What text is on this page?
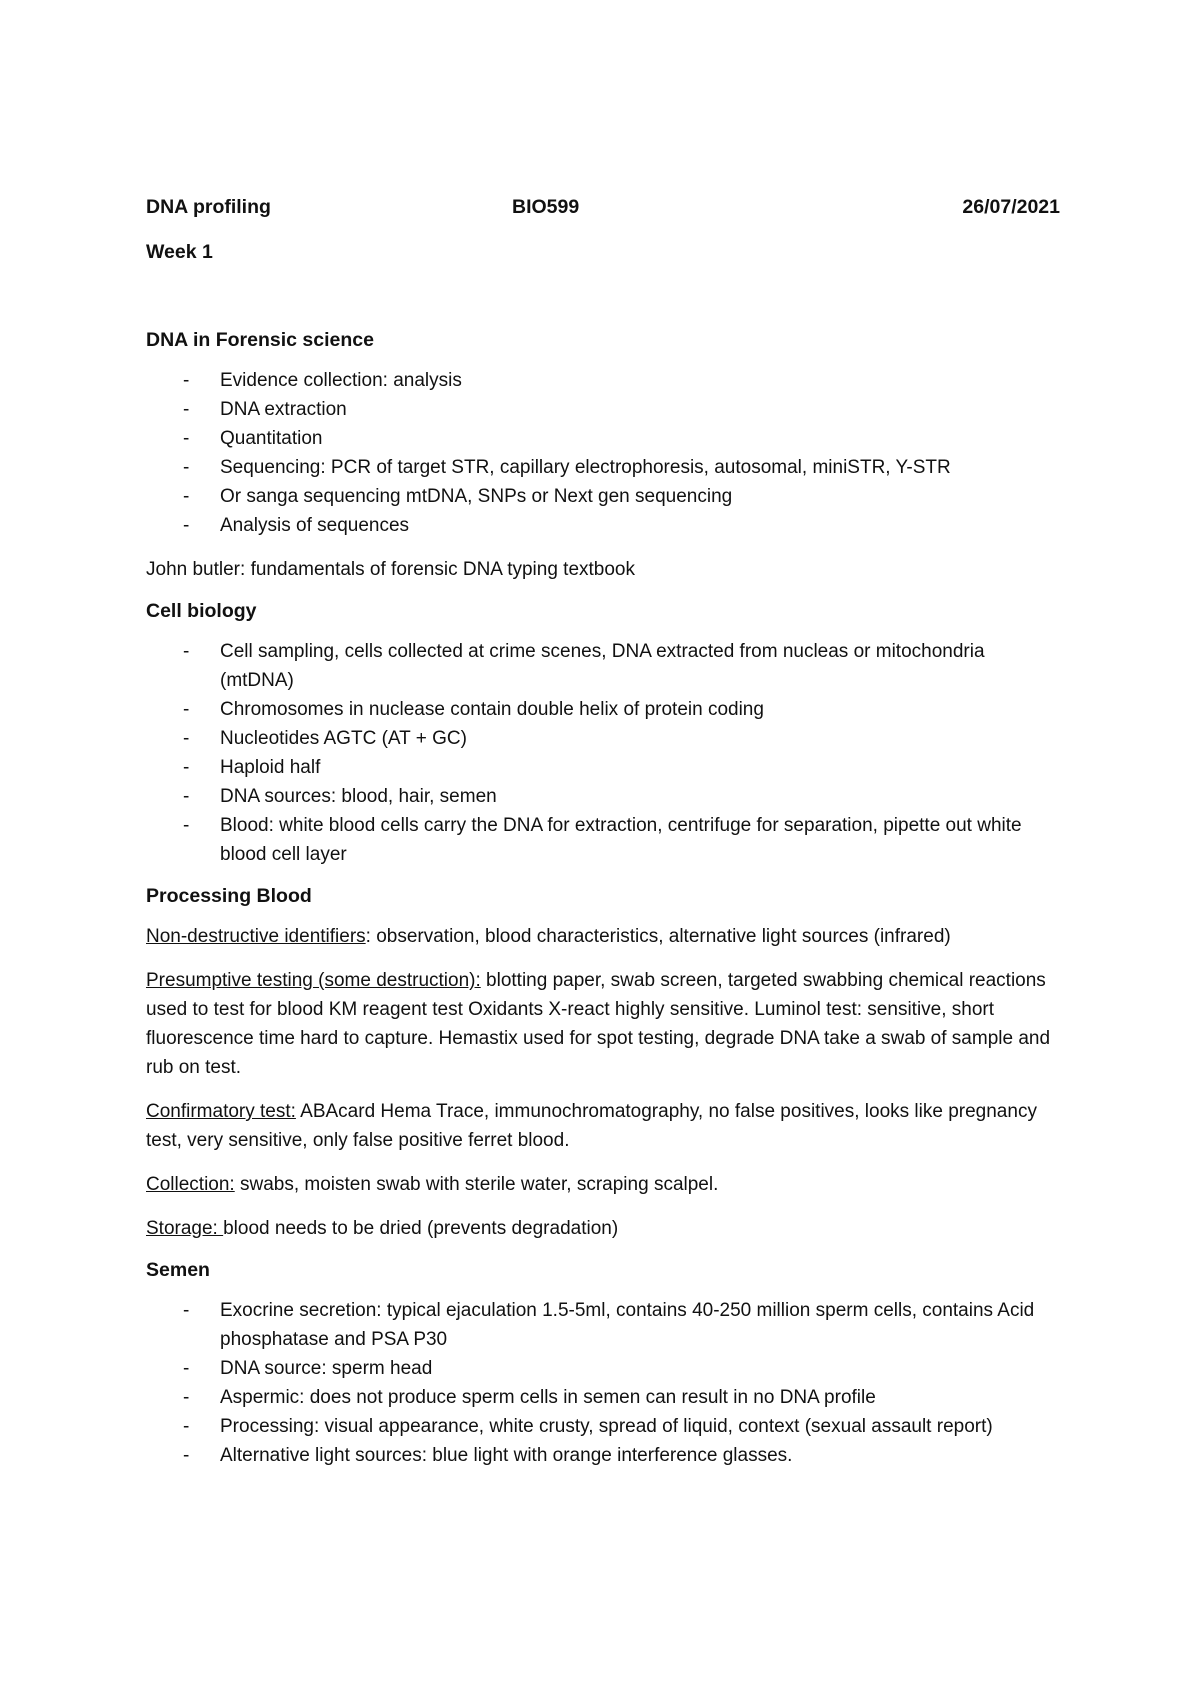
DNA profiling	BIO599	26/07/2021
Week 1
DNA in Forensic science
- Evidence collection: analysis
- DNA extraction
- Quantitation
- Sequencing: PCR of target STR, capillary electrophoresis, autosomal, miniSTR, Y-STR
- Or sanga sequencing mtDNA, SNPs or Next gen sequencing
- Analysis of sequences

John butler: fundamentals of forensic DNA typing textbook

Cell biology
- Cell sampling, cells collected at crime scenes, DNA extracted from nucleas or mitochondria (mtDNA)
- Chromosomes in nuclease contain double helix of protein coding
- Nucleotides AGTC (AT + GC)
- Haploid half
- DNA sources: blood, hair, semen
- Blood: white blood cells carry the DNA for extraction, centrifuge for separation, pipette out white blood cell layer
Processing Blood

Non-destructive identifiers: observation, blood characteristics, alternative light sources (infrared)

Presumptive testing (some destruction): blotting paper, swab screen, targeted swabbing chemical reactions used to test for blood KM reagent test Oxidants X-react highly sensitive. Luminol test: sensitive, short fluorescence time hard to capture. Hemastix used for spot testing, degrade DNA take a swab of sample and rub on test.

Confirmatory test: ABAcard Hema Trace, immunochromatography, no false positives, looks like pregnancy test, very sensitive, only false positive ferret blood.

Collection: swabs, moisten swab with sterile water, scraping scalpel.

Storage: blood needs to be dried (prevents degradation)

Semen
- Exocrine secretion: typical ejaculation 1.5-5ml, contains 40-250 million sperm cells, contains Acid phosphatase and PSA P30
- DNA source: sperm head
- Aspermic: does not produce sperm cells in semen can result in no DNA profile
- Processing: visual appearance, white crusty, spread of liquid, context (sexual assault report)
- Alternative light sources: blue light with orange interference glasses.
